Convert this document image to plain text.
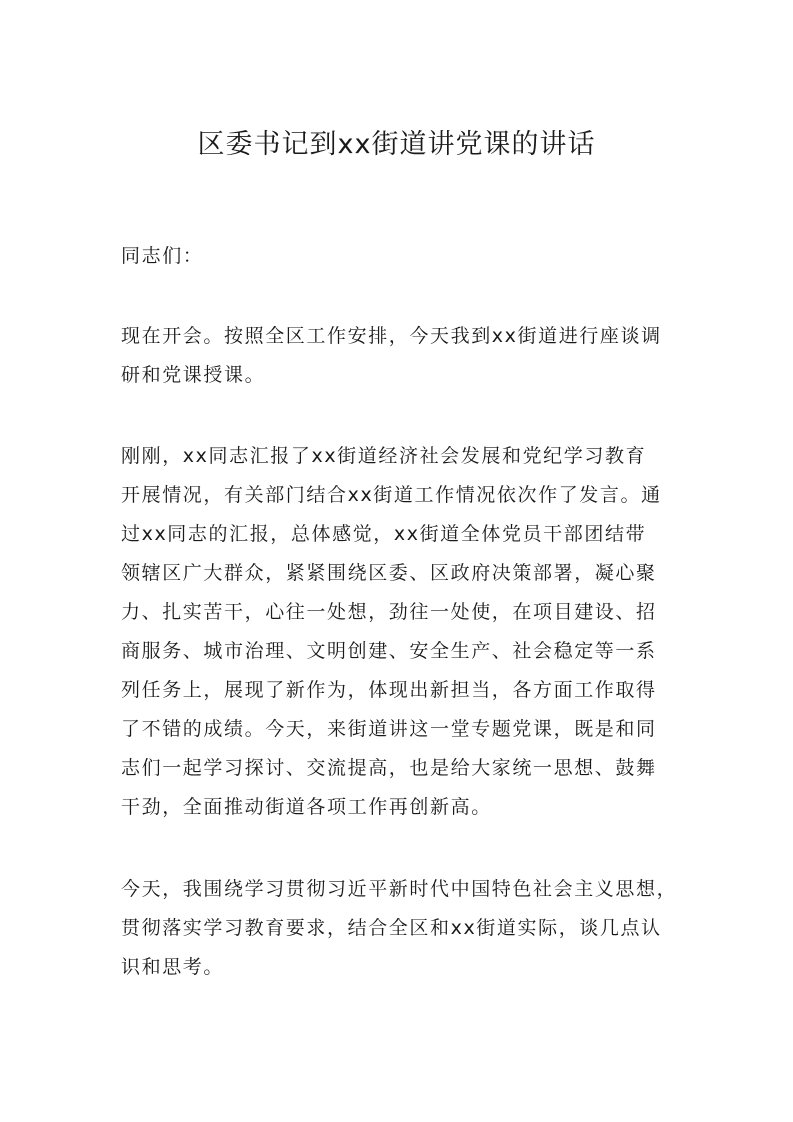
区委书记到xx街道讲党课的讲话

同志们：

现在开会。按照全区工作安排，今天我到xx街道进行座谈调
研和党课授课。

刚刚，xx同志汇报了xx街道经济社会发展和党纪学习教育
开展情况，有关部门结合xx街道工作情况依次作了发言。通
过xx同志的汇报，总体感觉，xx街道全体党员干部团结带
领辖区广大群众，紧紧围绕区委、区政府决策部署，凝心聚
力、扎实苦干，心往一处想，劲往一处使，在项目建设、招
商服务、城市治理、文明创建、安全生产、社会稳定等一系
列任务上，展现了新作为，体现出新担当，各方面工作取得
了不错的成绩。今天，来街道讲这一堂专题党课，既是和同
志们一起学习探讨、交流提高，也是给大家统一思想、鼓舞
干劲，全面推动街道各项工作再创新高。

今天，我围绕学习贯彻习近平新时代中国特色社会主义思想，
贯彻落实学习教育要求，结合全区和xx街道实际，谈几点认
识和思考。
